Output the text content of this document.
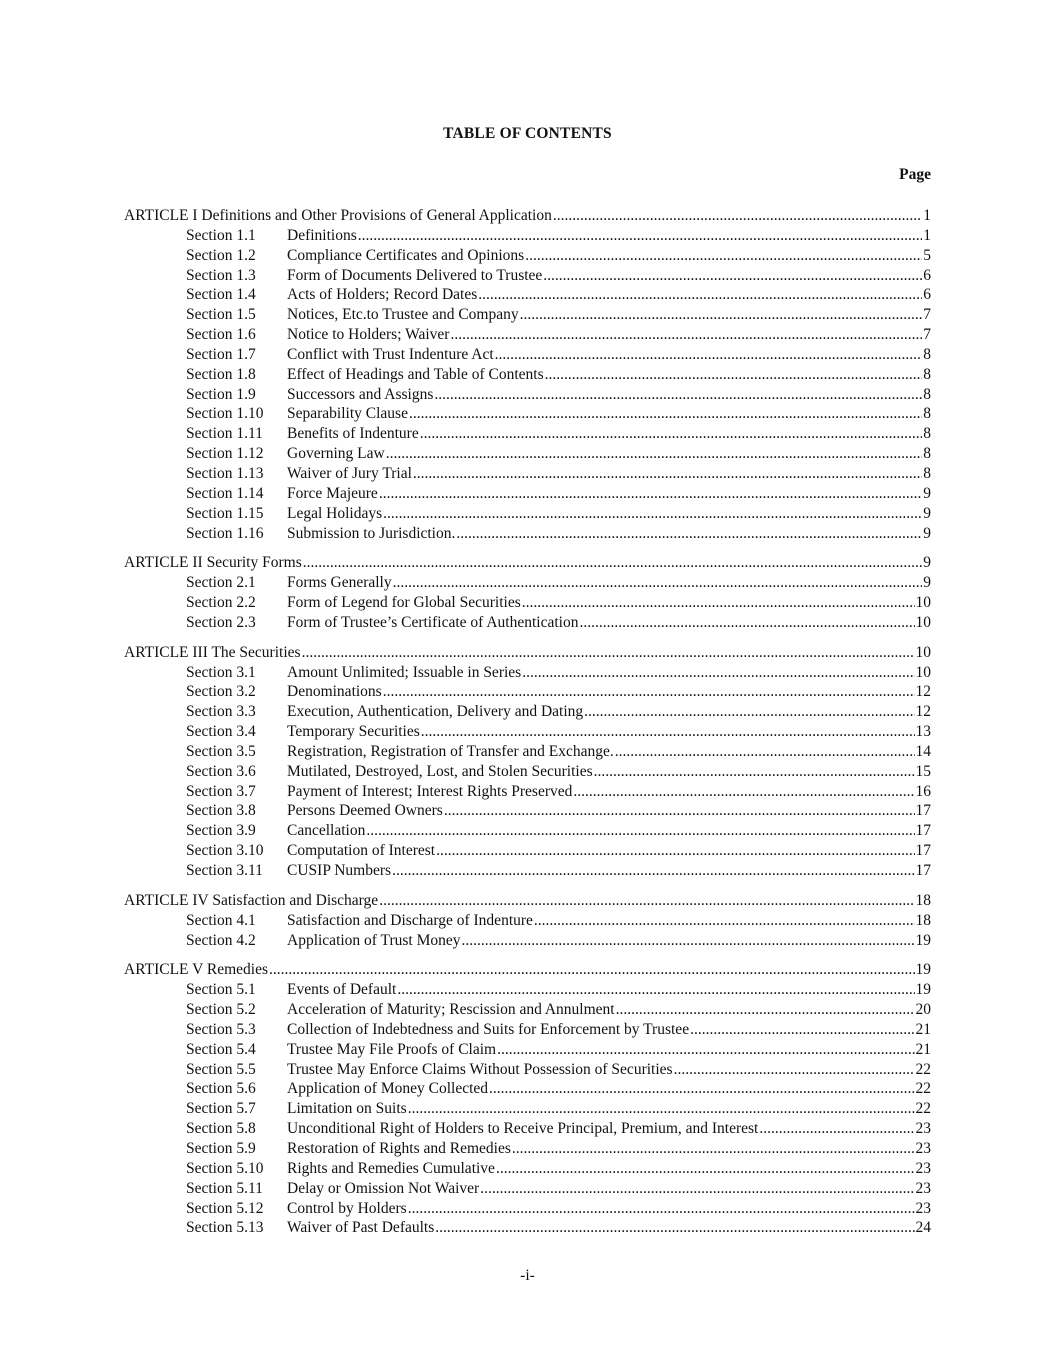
TABLE OF CONTENTS
Page
ARTICLE I Definitions and Other Provisions of General Application .....	1
Section 1.1	Definitions .....	1
Section 1.2	Compliance Certificates and Opinions .....	5
Section 1.3	Form of Documents Delivered to Trustee .....	6
Section 1.4	Acts of Holders; Record Dates .....	6
Section 1.5	Notices, Etc.to Trustee and Company .....	7
Section 1.6	Notice to Holders; Waiver .....	7
Section 1.7	Conflict with Trust Indenture Act .....	8
Section 1.8	Effect of Headings and Table of Contents .....	8
Section 1.9	Successors and Assigns .....	8
Section 1.10	Separability Clause .....	8
Section 1.11	Benefits of Indenture .....	8
Section 1.12	Governing Law .....	8
Section 1.13	Waiver of Jury Trial .....	8
Section 1.14	Force Majeure .....	9
Section 1.15	Legal Holidays .....	9
Section 1.16	Submission to Jurisdiction. .....	9
ARTICLE II Security Forms .....	9
Section 2.1	Forms Generally .....	9
Section 2.2	Form of Legend for Global Securities .....	10
Section 2.3	Form of Trustee’s Certificate of Authentication .....	10
ARTICLE III The Securities .....	10
Section 3.1	Amount Unlimited; Issuable in Series .....	10
Section 3.2	Denominations .....	12
Section 3.3	Execution, Authentication, Delivery and Dating .....	12
Section 3.4	Temporary Securities .....	13
Section 3.5	Registration, Registration of Transfer and Exchange. .....	14
Section 3.6	Mutilated, Destroyed, Lost, and Stolen Securities .....	15
Section 3.7	Payment of Interest; Interest Rights Preserved .....	16
Section 3.8	Persons Deemed Owners .....	17
Section 3.9	Cancellation .....	17
Section 3.10	Computation of Interest .....	17
Section 3.11	CUSIP Numbers .....	17
ARTICLE IV Satisfaction and Discharge .....	18
Section 4.1	Satisfaction and Discharge of Indenture .....	18
Section 4.2	Application of Trust Money .....	19
ARTICLE V Remedies .....	19
Section 5.1	Events of Default .....	19
Section 5.2	Acceleration of Maturity; Rescission and Annulment .....	20
Section 5.3	Collection of Indebtedness and Suits for Enforcement by Trustee .....	21
Section 5.4	Trustee May File Proofs of Claim .....	21
Section 5.5	Trustee May Enforce Claims Without Possession of Securities .....	22
Section 5.6	Application of Money Collected .....	22
Section 5.7	Limitation on Suits .....	22
Section 5.8	Unconditional Right of Holders to Receive Principal, Premium, and Interest .....	23
Section 5.9	Restoration of Rights and Remedies .....	23
Section 5.10	Rights and Remedies Cumulative .....	23
Section 5.11	Delay or Omission Not Waiver .....	23
Section 5.12	Control by Holders .....	23
Section 5.13	Waiver of Past Defaults .....	24
-i-
